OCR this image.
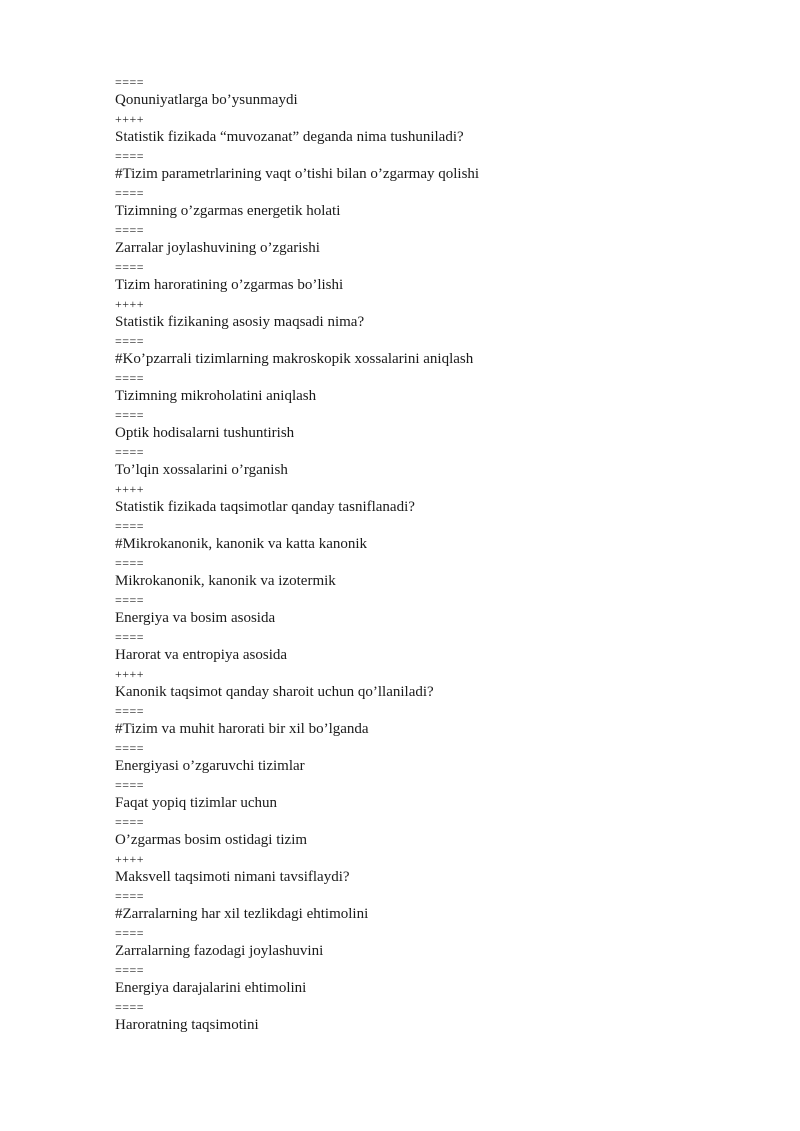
====
Qonuniyatlarga bo’ysunmaydi
++++
Statistik fizikada “muvozanat” deganda nima tushuniladi?
====
#Tizim parametrlarining vaqt o’tishi bilan o’zgarmay qolishi
====
Tizimning o’zgarmas energetik holati
====
Zarralar joylashuvining o’zgarishi
====
Tizim haroratining o’zgarmas bo’lishi
++++
Statistik fizikaning asosiy maqsadi nima?
====
#Ko’pzarrali tizimlarning makroskopik xossalarini aniqlash
====
Tizimning mikroholatini aniqlash
====
Optik hodisalarni tushuntirish
====
To’lqin xossalarini o’rganish
++++
Statistik fizikada taqsimotlar qanday tasniflanadi?
====
#Mikrokanonik, kanonik va katta kanonik
====
Mikrokanonik, kanonik va izotermik
====
Energiya va bosim asosida
====
Harorat va entropiya asosida
++++
Kanonik taqsimot qanday sharoit uchun qo’llaniladi?
====
#Tizim va muhit harorati bir xil bo’lganda
====
Energiyasi o’zgaruvchi tizimlar
====
Faqat yopiq tizimlar uchun
====
O’zgarmas bosim ostidagi tizim
++++
Maksvell taqsimoti nimani tavsiflaydi?
====
#Zarralarning har xil tezlikdagi ehtimolini
====
Zarralarning fazodagi joylashuvini
====
Energiya darajalarini ehtimolini
====
Haroratning taqsimotini
